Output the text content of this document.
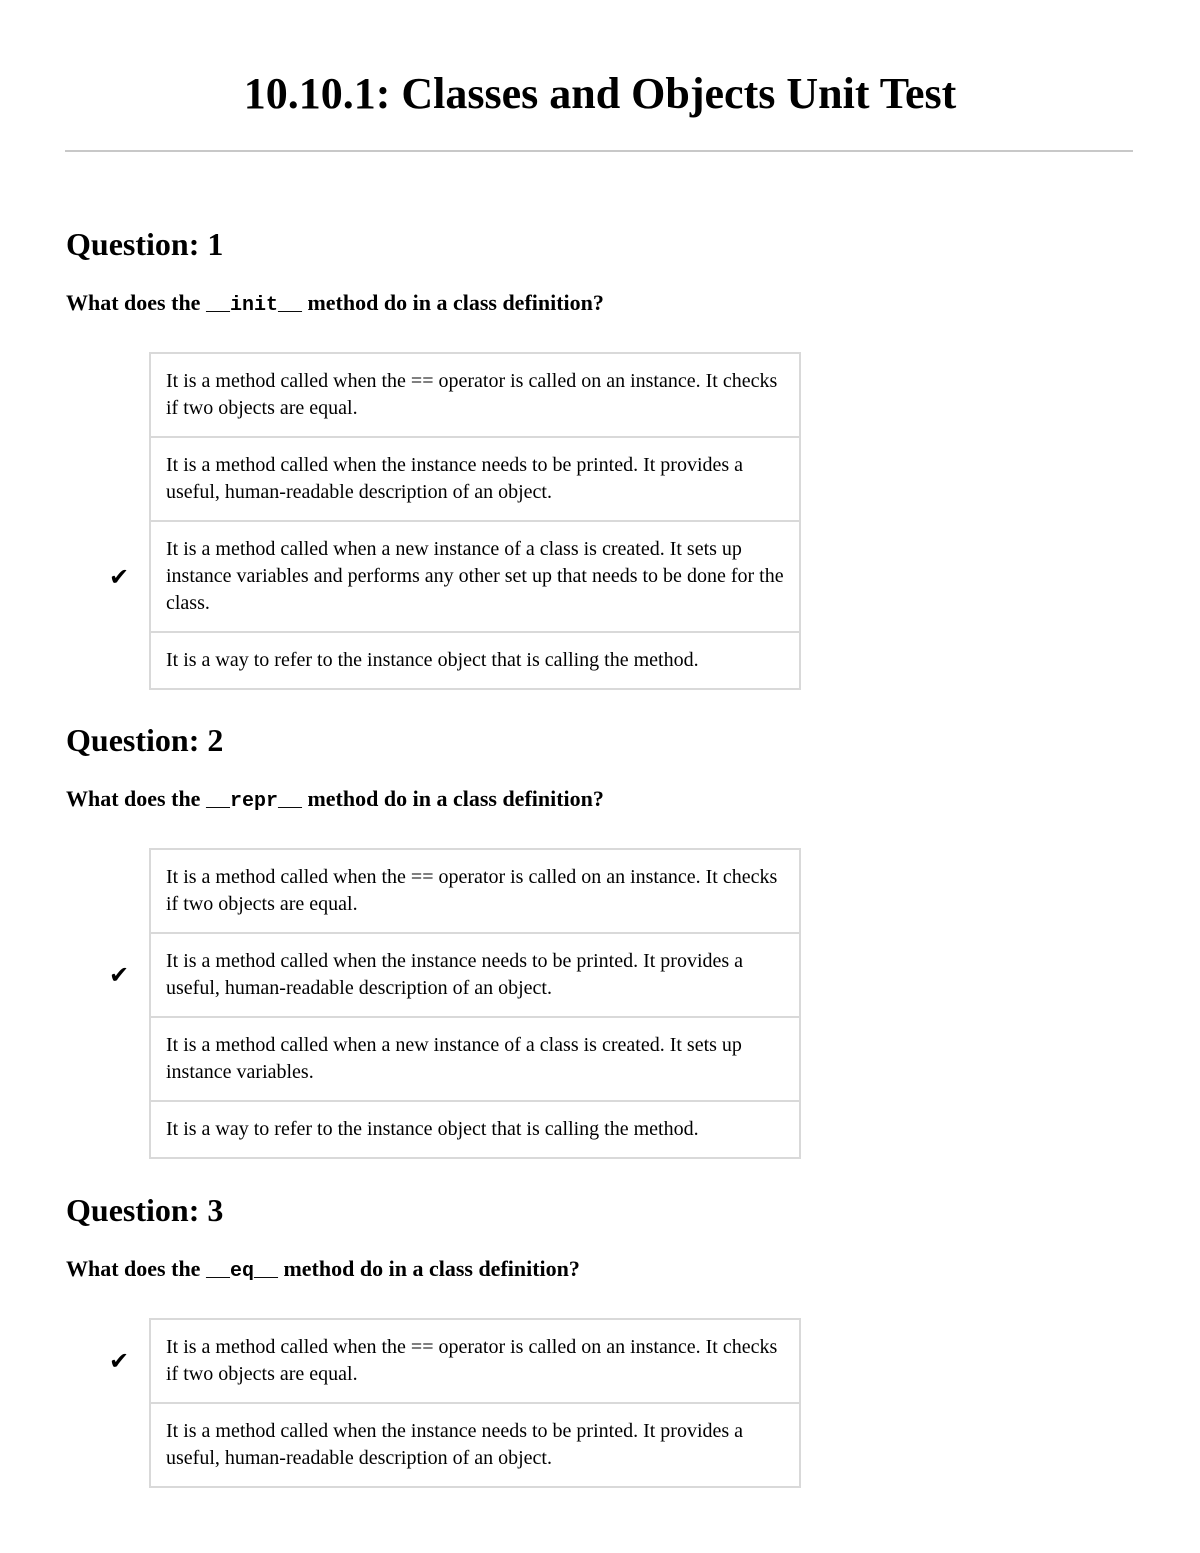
10.10.1: Classes and Objects Unit Test
Question: 1

What does the __init__ method do in a class definition?

It is a method called when the == operator is called on an instance. It checks if two objects are equal.
It is a method called when the instance needs to be printed. It provides a useful, human-readable description of an object.
✔
It is a method called when a new instance of a class is created. It sets up instance variables and performs any other set up that needs to be done for the class.
It is a way to refer to the instance object that is calling the method.
Question: 2

What does the __repr__ method do in a class definition?

It is a method called when the == operator is called on an instance. It checks if two objects are equal.
✔ It is a method called when the instance needs to be printed. It provides a useful, human-readable description of an object.
It is a method called when a new instance of a class is created. It sets up instance variables.
It is a way to refer to the instance object that is calling the method.
Question: 3

What does the __eq__ method do in a class definition?

✔ It is a method called when the == operator is called on an instance. It checks if two objects are equal.
It is a method called when the instance needs to be printed. It provides a useful, human-readable description of an object.
